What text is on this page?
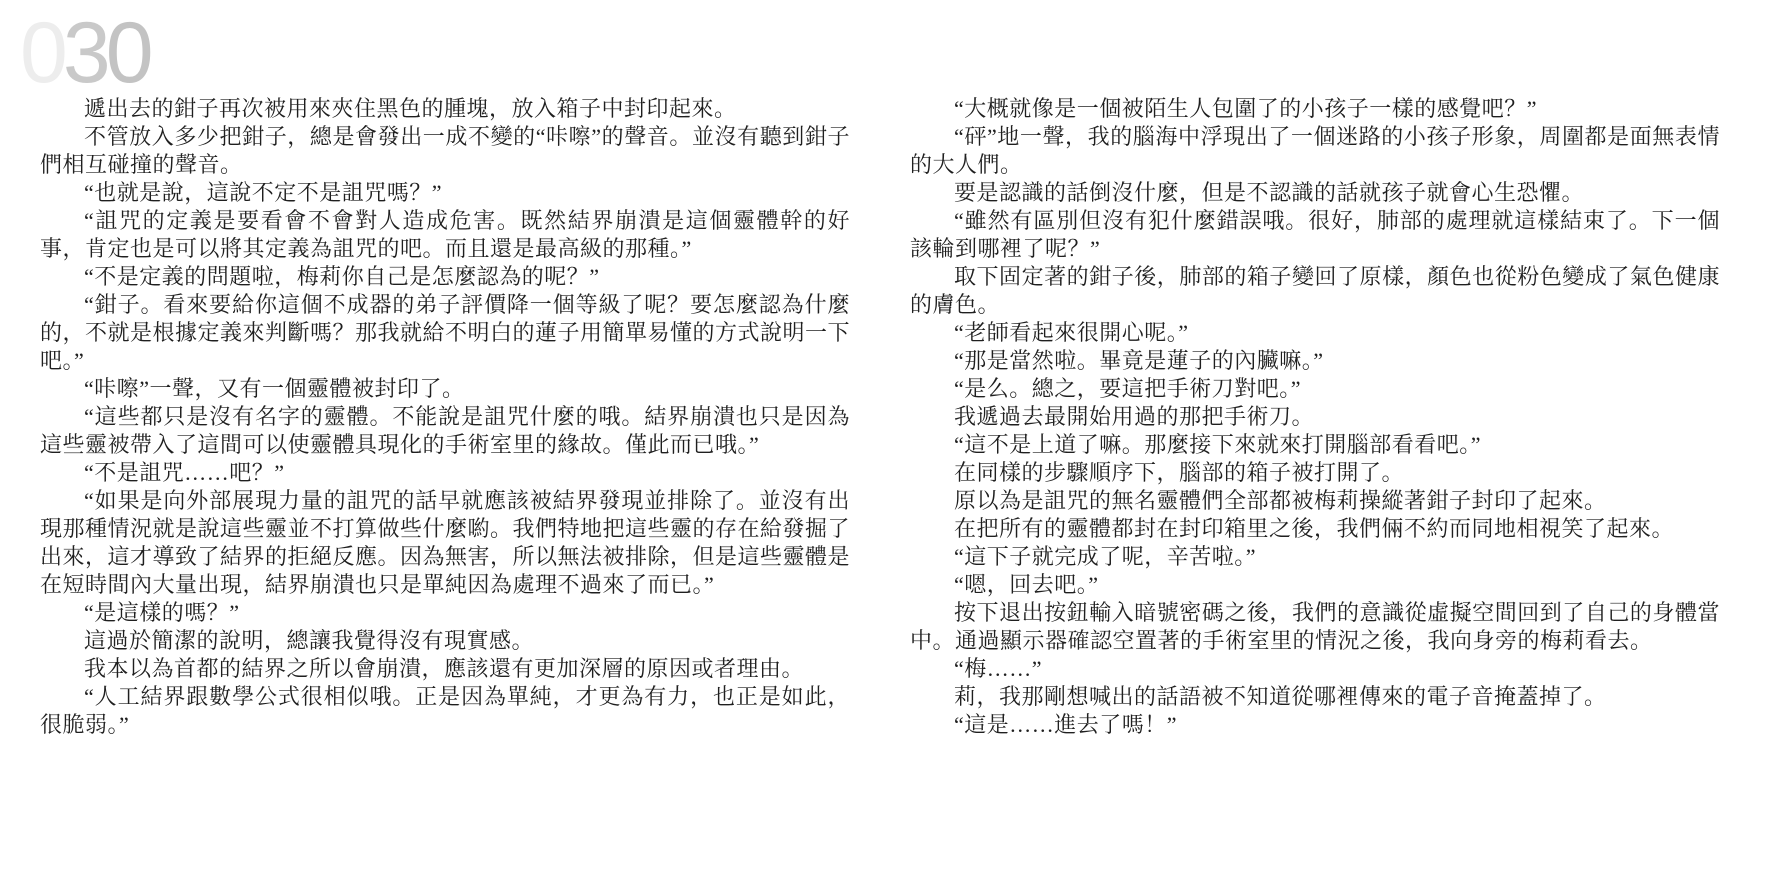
030

遞出去的鉗子再次被用來夾住黑色的腫塊，放入箱子中封印起來。

不管放入多少把鉗子，總是會發出一成不變的“咔嚓”的聲音。並沒有聽到鉗子們相互碰撞的聲音。

“也就是說，這說不定不是詛咒嗎？”

“詛咒的定義是要看會不會對人造成危害。既然結界崩潰是這個靈體幹的好事，肯定也是可以將其定義為詛咒的吧。而且還是最高級的那種。”

“不是定義的問題啦，梅莉你自己是怎麼認為的呢？”

“鉗子。看來要給你這個不成器的弟子評價降一個等級了呢？要怎麼認為什麼的，不就是根據定義來判斷嗎？那我就給不明白的蓮子用簡單易懂的方式說明一下吧。”

“咔嚓”一聲，又有一個靈體被封印了。

“這些都只是沒有名字的靈體。不能說是詛咒什麼的哦。結界崩潰也只是因為這些靈被帶入了這間可以使靈體具現化的手術室里的緣故。僅此而已哦。”

“不是詛咒……吧？”

“如果是向外部展現力量的詛咒的話早就應該被結界發現並排除了。並沒有出現那種情況就是說這些靈並不打算做些什麼喲。我們特地把這些靈的存在給發掘了出來，這才導致了結界的拒絕反應。因為無害，所以無法被排除，但是這些靈體是在短時間內大量出現，結界崩潰也只是單純因為處理不過來了而已。”

“是這樣的嗎？”

這過於簡潔的說明，總讓我覺得沒有現實感。

我本以為首都的結界之所以會崩潰，應該還有更加深層的原因或者理由。

“人工結界跟數學公式很相似哦。正是因為單純，才更為有力，也正是如此，很脆弱。”

“大概就像是一個被陌生人包圍了的小孩子一樣的感覺吧？”

“砰”地一聲，我的腦海中浮現出了一個迷路的小孩子形象，周圍都是面無表情的大人們。

要是認識的話倒沒什麼，但是不認識的話就孩子就會心生恐懼。

“雖然有區別但沒有犯什麼錯誤哦。很好，肺部的處理就這樣結束了。下一個該輪到哪裡了呢？”

取下固定著的鉗子後，肺部的箱子變回了原樣，顏色也從粉色變成了氣色健康的膚色。

“老師看起來很開心呢。”

“那是當然啦。畢竟是蓮子的內臟嘛。”

“是么。總之，要這把手術刀對吧。”

我遞過去最開始用過的那把手術刀。

“這不是上道了嘛。那麼接下來就來打開腦部看看吧。”

在同樣的步驟順序下，腦部的箱子被打開了。

原以為是詛咒的無名靈體們全部都被梅莉操縱著鉗子封印了起來。

在把所有的靈體都封在封印箱里之後，我們倆不約而同地相視笑了起來。

“這下子就完成了呢，辛苦啦。”

“嗯，回去吧。”

按下退出按鈕輸入暗號密碼之後，我們的意識從虛擬空間回到了自己的身體當中。通過顯示器確認空置著的手術室里的情況之後，我向身旁的梅莉看去。

“梅……”

莉，我那剛想喊出的話語被不知道從哪裡傳來的電子音掩蓋掉了。

“這是……進去了嗎！”
